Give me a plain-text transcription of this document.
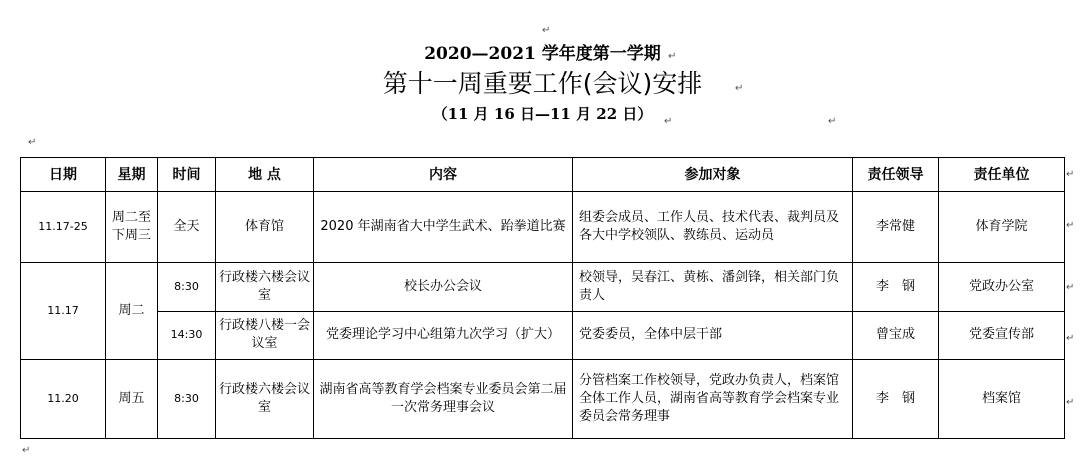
↵
↵
↵
↵	↵
↵
↵
↵
↵
↵
↵
↵
2020—2021 学年度第一学期
第十一周重要工作(会议)安排
（11 月 16 日—11 月 22 日）
日期	星期	时间	地 点	内容	参加对象	责任领导	责任单位
11.17-25	周二至下周三	全天	体育馆	2020 年湖南省大中学生武术、跆拳道比赛	组委会成员、工作人员、技术代表、裁判员及各大中学校领队、教练员、运动员	李常健	体育学院
11.17	周二	8:30	行政楼六楼会议室	校长办公会议	校领导，吴春江、黄栋、潘剑锋，相关部门负责人	李　钢	党政办公室
		14:30	行政楼八楼一会议室	党委理论学习中心组第九次学习（扩大）	党委委员，全体中层干部	曾宝成	党委宣传部
11.20	周五	8:30	行政楼六楼会议室	湖南省高等教育学会档案专业委员会第二届一次常务理事会议	分管档案工作校领导，党政办负责人，档案馆全体工作人员，湖南省高等教育学会档案专业委员会常务理事	李　钢	档案馆
